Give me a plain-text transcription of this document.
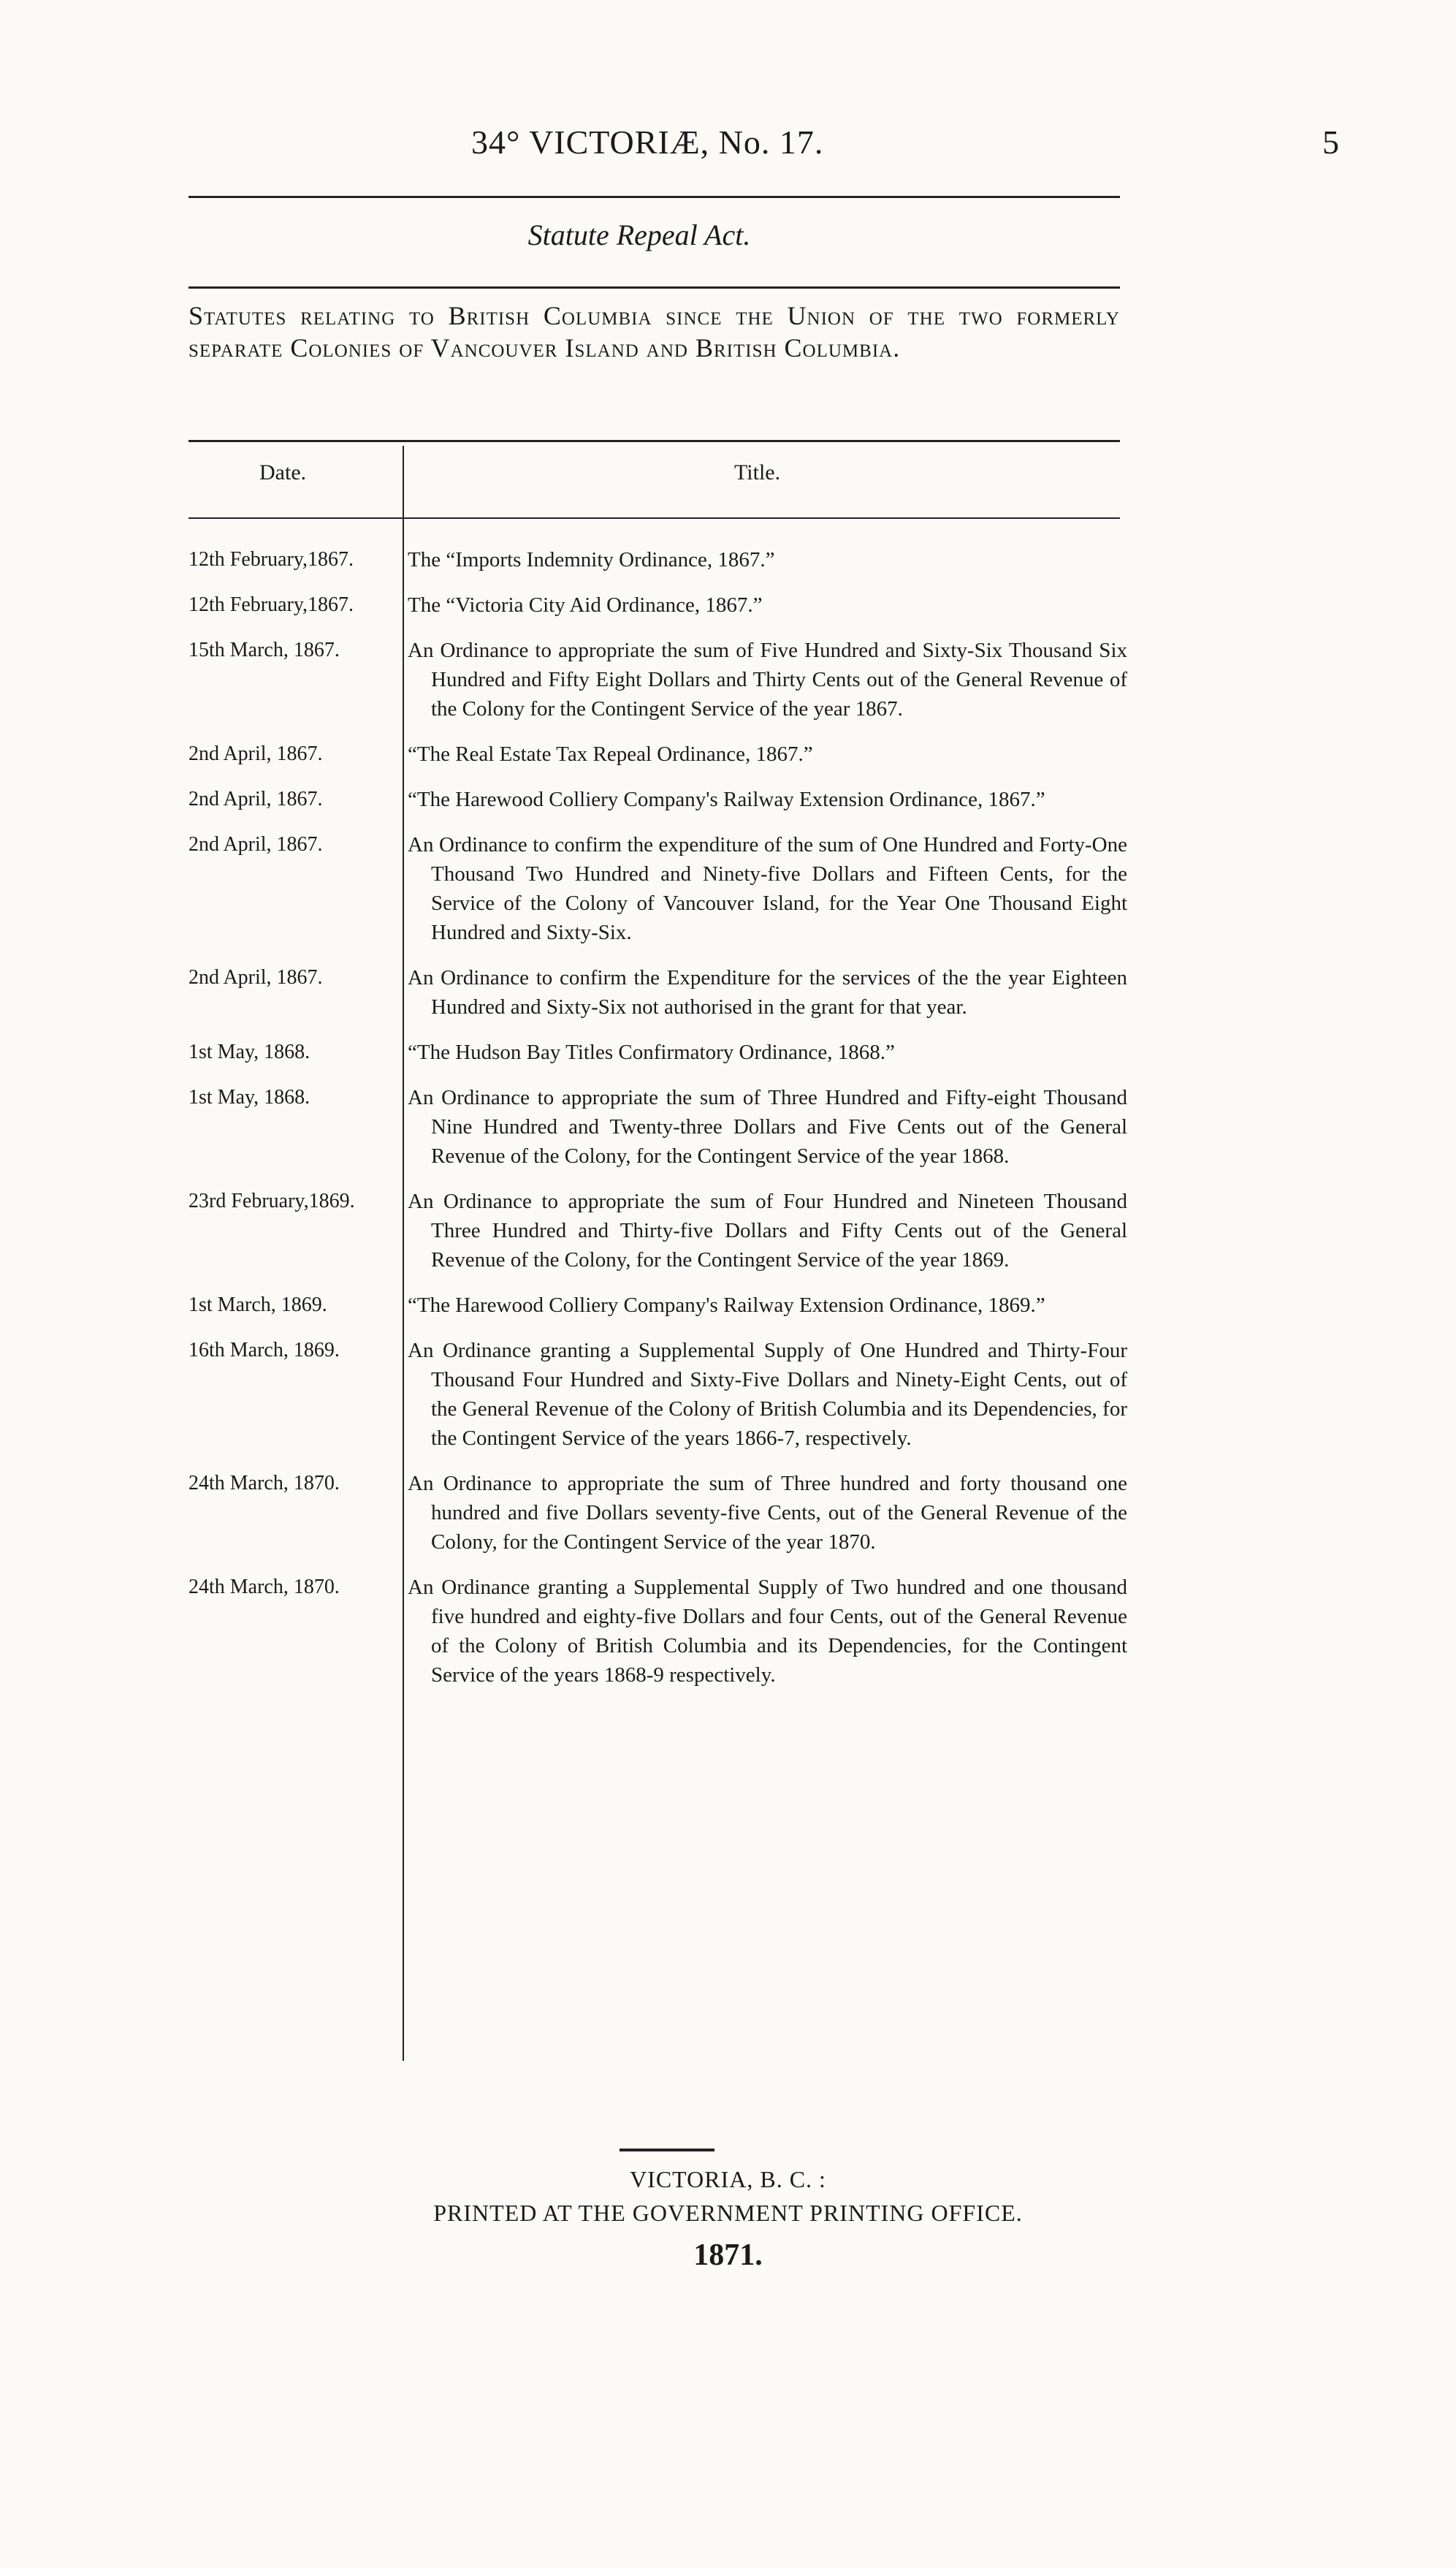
34° VICTORIÆ, No. 17.	5
Statute Repeal Act.

Statutes relating to British Columbia since the Union of the two formerly separate Colonies of Vancouver Island and British Columbia.

Date.	Title.
12th February,1867.	The “Imports Indemnity Ordinance, 1867.”
12th February,1867.	The “Victoria City Aid Ordinance, 1867.”
15th March, 1867.	An Ordinance to appropriate the sum of Five Hundred and Sixty-Six Thousand Six Hundred and Fifty Eight Dollars and Thirty Cents out of the General Revenue of the Colony for the Contingent Service of the year 1867.
2nd April, 1867.	“The Real Estate Tax Repeal Ordinance, 1867.”
2nd April, 1867.	“The Harewood Colliery Company's Railway Extension Ordinance, 1867.”
2nd April, 1867.	An Ordinance to confirm the expenditure of the sum of One Hundred and Forty-One Thousand Two Hundred and Ninety-five Dollars and Fifteen Cents, for the Service of the Colony of Vancouver Island, for the Year One Thousand Eight Hundred and Sixty-Six.
2nd April, 1867.	An Ordinance to confirm the Expenditure for the services of the the year Eighteen Hundred and Sixty-Six not authorised in the grant for that year.
1st May, 1868.	“The Hudson Bay Titles Confirmatory Ordinance, 1868.”
1st May, 1868.	An Ordinance to appropriate the sum of Three Hundred and Fifty-eight Thousand Nine Hundred and Twenty-three Dollars and Five Cents out of the General Revenue of the Colony, for the Contingent Service of the year 1868.
23rd February,1869.	An Ordinance to appropriate the sum of Four Hundred and Nineteen Thousand Three Hundred and Thirty-five Dollars and Fifty Cents out of the General Revenue of the Colony, for the Contingent Service of the year 1869.
1st March, 1869.	“The Harewood Colliery Company's Railway Extension Ordinance, 1869.”
16th March, 1869.	An Ordinance granting a Supplemental Supply of One Hundred and Thirty-Four Thousand Four Hundred and Sixty-Five Dollars and Ninety-Eight Cents, out of the General Revenue of the Colony of British Columbia and its Dependencies, for the Contingent Service of the years 1866-7, respectively.
24th March, 1870.	An Ordinance to appropriate the sum of Three hundred and forty thousand one hundred and five Dollars seventy-five Cents, out of the General Revenue of the Colony, for the Contingent Service of the year 1870.
24th March, 1870.	An Ordinance granting a Supplemental Supply of Two hundred and one thousand five hundred and eighty-five Dollars and four Cents, out of the General Revenue of the Colony of British Columbia and its Dependencies, for the Contingent Service of the years 1868-9 respectively.
VICTORIA, B. C. :
PRINTED AT THE GOVERNMENT PRINTING OFFICE.
1871.
